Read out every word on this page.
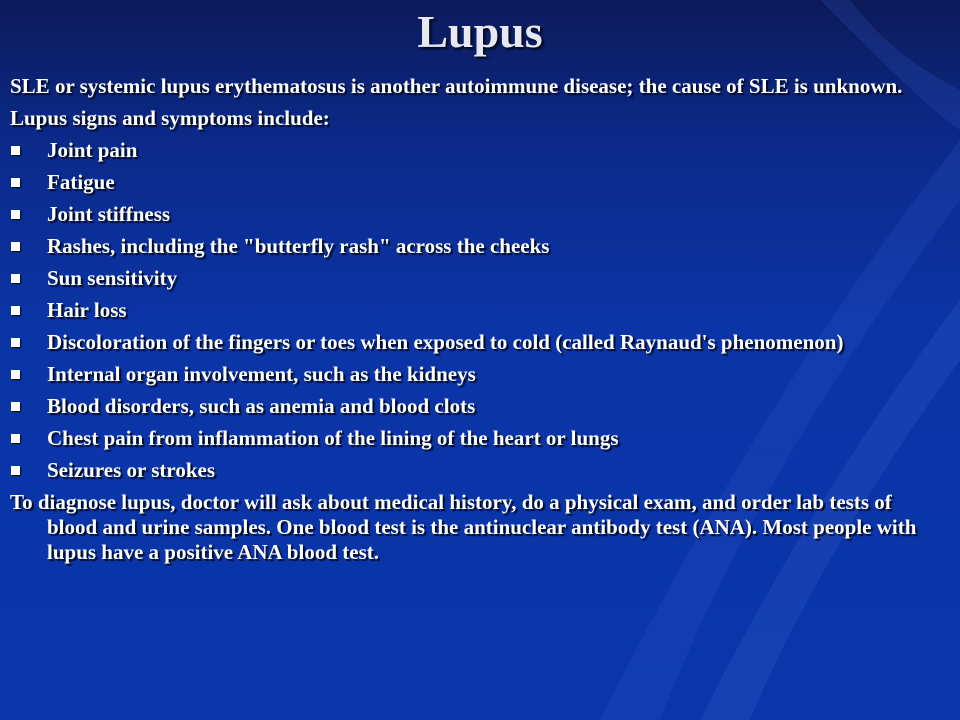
Lupus

SLE or systemic lupus erythematosus is another autoimmune disease; the cause of SLE is unknown.

Lupus signs and symptoms include:

Joint pain
Fatigue
Joint stiffness
Rashes, including the "butterfly rash" across the cheeks
Sun sensitivity
Hair loss
Discoloration of the fingers or toes when exposed to cold (called Raynaud's phenomenon)
Internal organ involvement, such as the kidneys
Blood disorders, such as anemia and blood clots
Chest pain from inflammation of the lining of the heart or lungs
Seizures or strokes

To diagnose lupus, doctor will ask about medical history, do a physical exam, and order lab tests of blood and urine samples. One blood test is the antinuclear antibody test (ANA). Most people with lupus have a positive ANA blood test.
